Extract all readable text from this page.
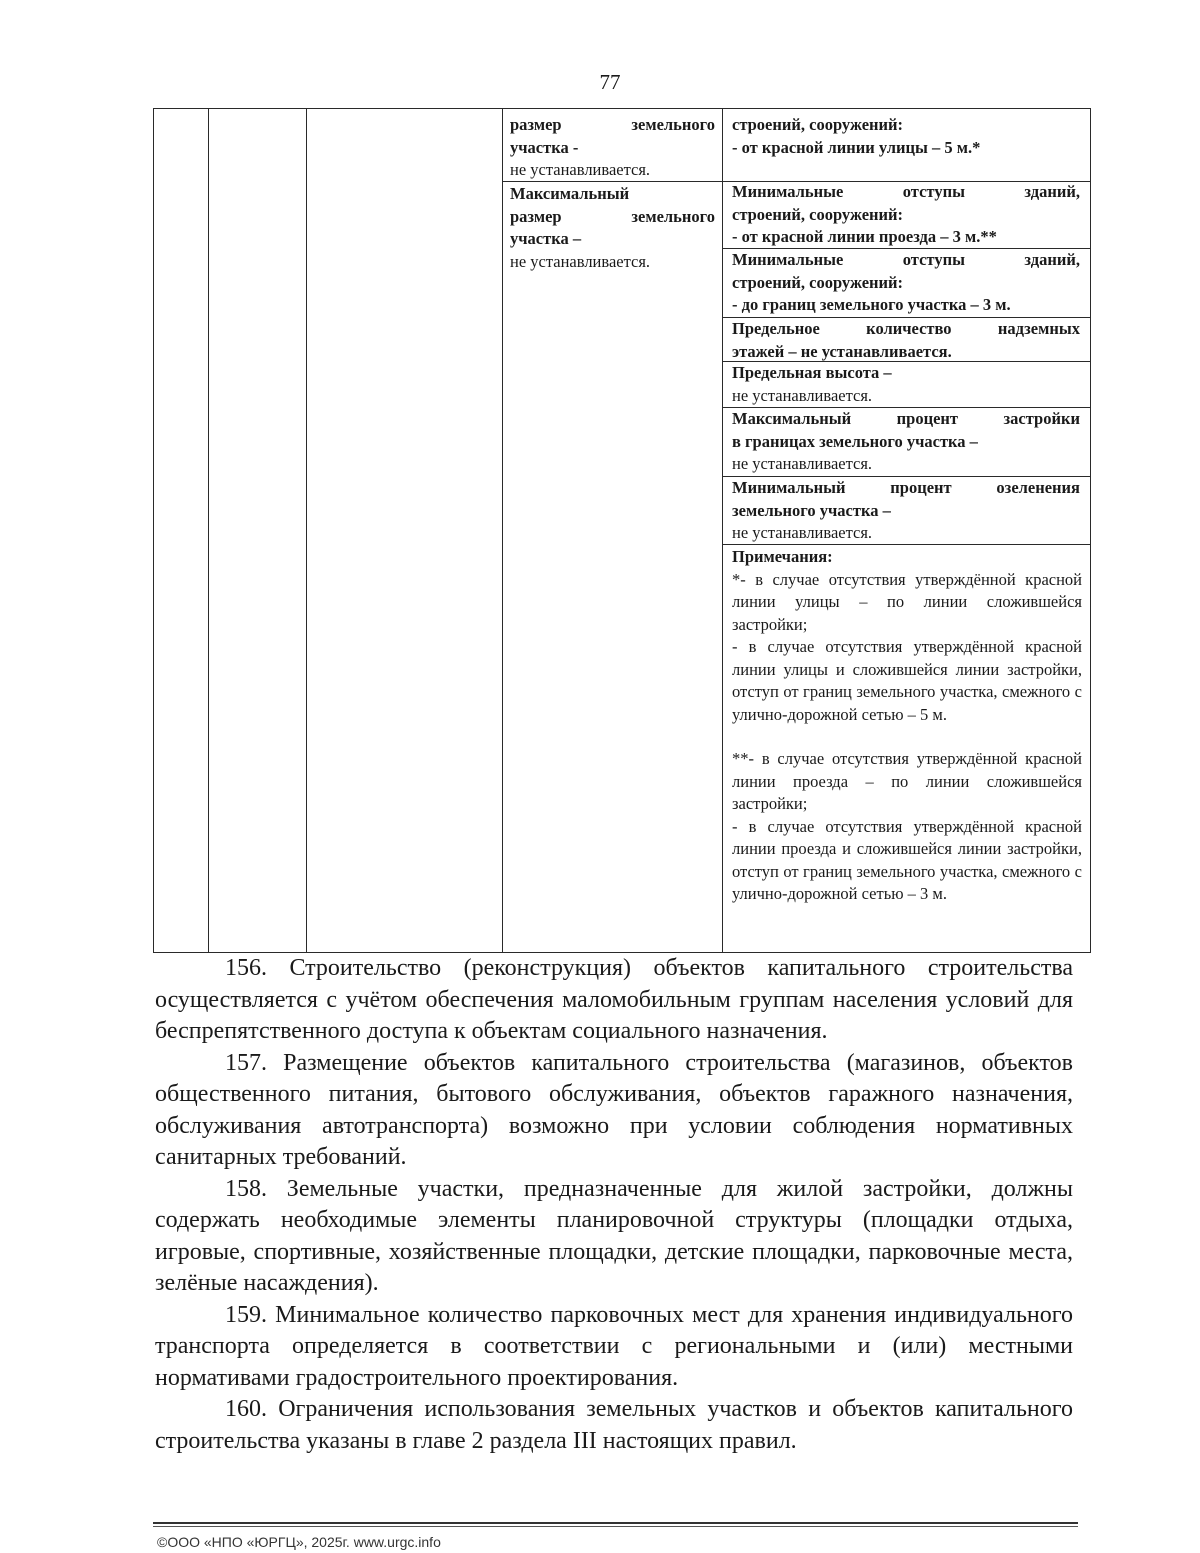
77

размер земельного

участка -

не устанавливается.

Максимальный

размер земельного

участка –

не устанавливается.

строений, сооружений:

- от красной линии улицы – 5 м.*

Минимальные отступы зданий,

строений, сооружений:

- от красной линии проезда – 3 м.**

Минимальные отступы зданий,

строений, сооружений:

- до границ земельного участка – 3 м.

Предельное количество надземных

этажей – не устанавливается.

Предельная высота –

не устанавливается.

Максимальный процент застройки

в границах земельного участка –

не устанавливается.

Минимальный процент озеленения

земельного участка –

не устанавливается.

Примечания:

*- в случае отсутствия утверждённой красной линии улицы – по линии сложившейся застройки;

- в случае отсутствия утверждённой красной линии улицы и сложившейся линии застройки, отступ от границ земельного участка, смежного с улично-дорожной сетью – 5 м.

**- в случае отсутствия утверждённой красной линии проезда – по линии сложившейся застройки;

- в случае отсутствия утверждённой красной линии проезда и сложившейся линии застройки, отступ от границ земельного участка, смежного с улично-дорожной сетью – 3 м.

156. Строительство (реконструкция) объектов капитального строительства осуществляется с учётом обеспечения маломобильным группам населения условий для беспрепятственного доступа к объектам социального назначения.

157. Размещение объектов капитального строительства (магазинов, объектов общественного питания, бытового обслуживания, объектов гаражного назначения, обслуживания автотранспорта) возможно при условии соблюдения нормативных санитарных требований.

158. Земельные участки, предназначенные для жилой застройки, должны содержать необходимые элементы планировочной структуры (площадки отдыха, игровые, спортивные, хозяйственные площадки, детские площадки, парковочные места, зелёные насаждения).

159. Минимальное количество парковочных мест для хранения индивидуального транспорта определяется в соответствии с региональными и (или) местными нормативами градостроительного проектирования.

160. Ограничения использования земельных участков и объектов капитального строительства указаны в главе 2 раздела III настоящих правил.

©ООО «НПО «ЮРГЦ», 2025г. www.urgc.info
